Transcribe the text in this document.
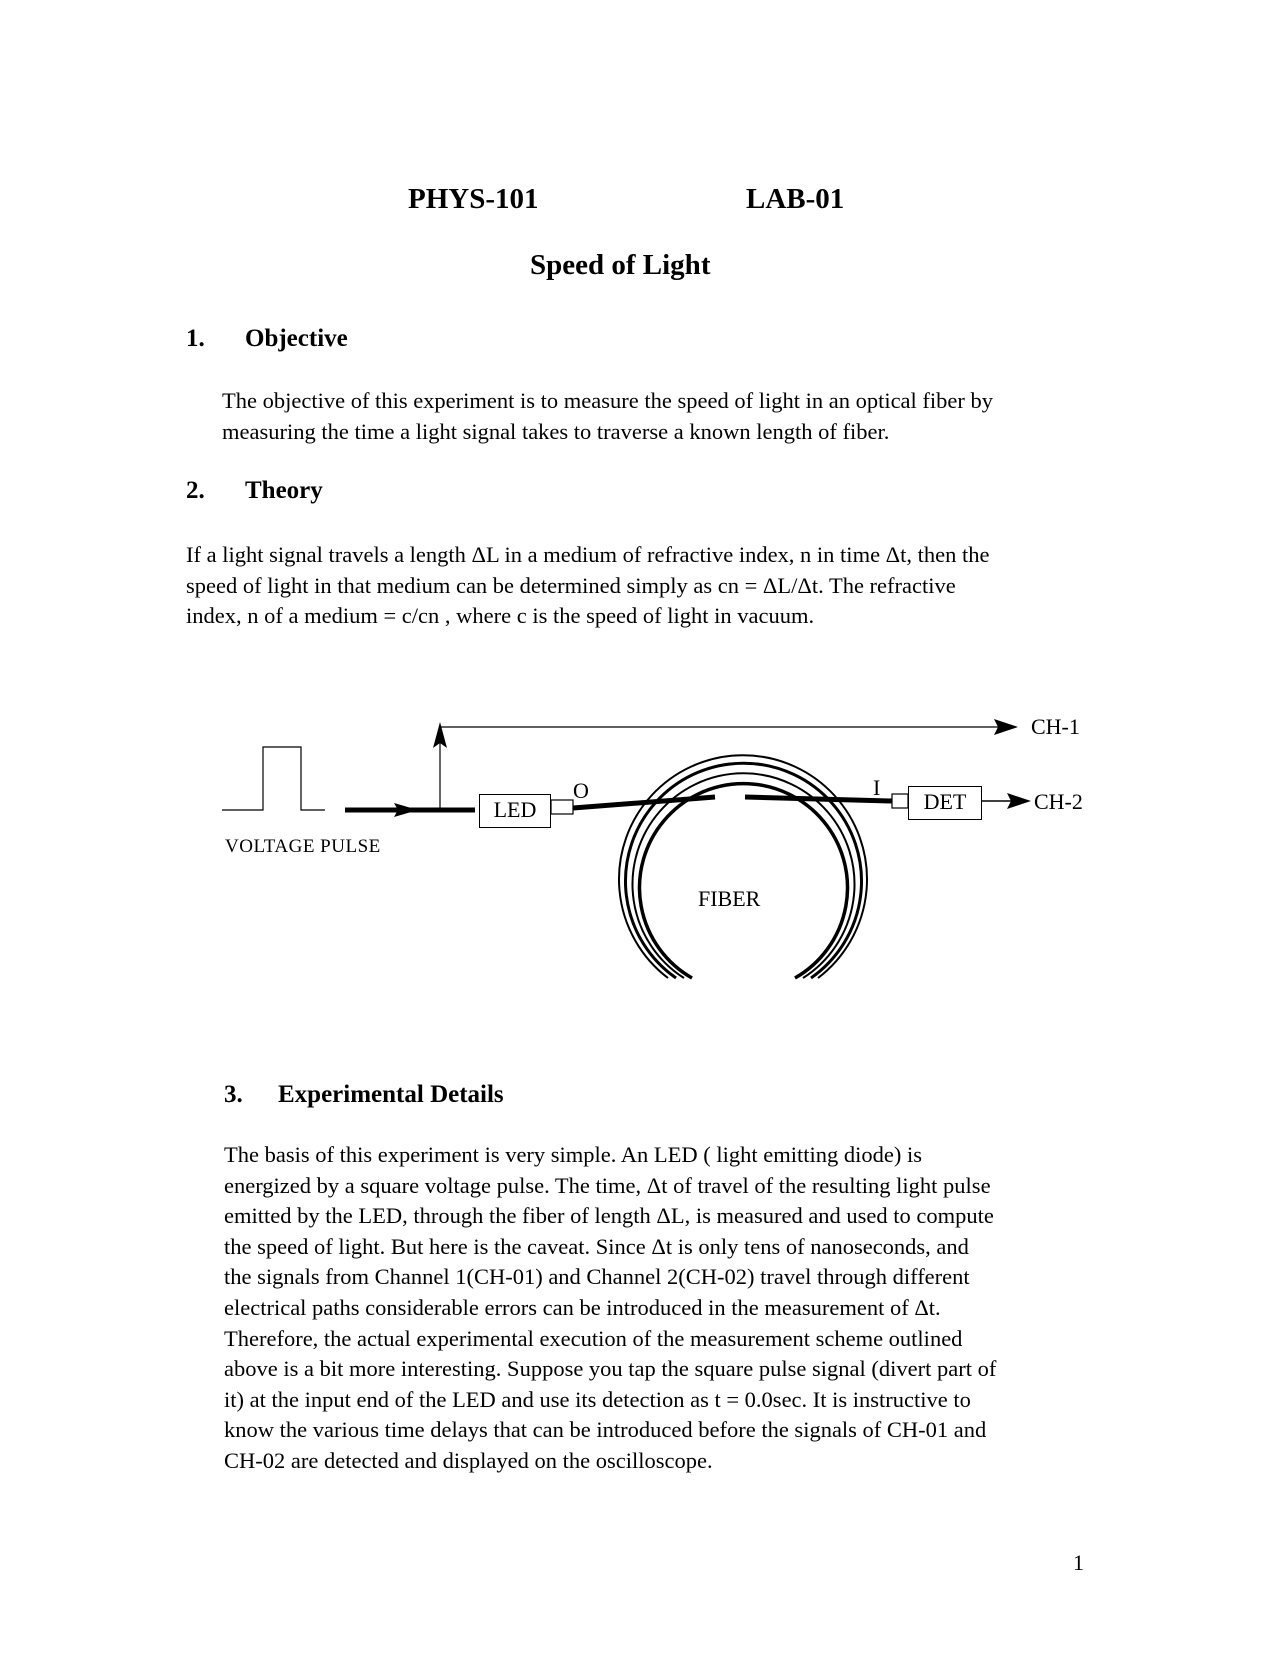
PHYS-101	LAB-01
Speed of Light
1. Objective
The objective of this experiment is to measure the speed of light in an optical fiber by
measuring the time a light signal takes to traverse a known length of fiber.
2. Theory
If a light signal travels a length ΔL in a medium of refractive index, n in time Δt, then the
speed of light in that medium can be determined simply as cn = ΔL/Δt. The refractive
index, n of a medium = c/cn , where c is the speed of light in vacuum.
LED	DET
CH-1
CH-2
O	I
FIBER
VOLTAGE PULSE
3. Experimental Details
The basis of this experiment is very simple. An LED ( light emitting diode) is
energized by a square voltage pulse. The time, Δt of travel of the resulting light pulse
emitted by the LED, through the fiber of length ΔL, is measured and used to compute
the speed of light. But here is the caveat. Since Δt is only tens of nanoseconds, and
the signals from Channel 1(CH-01) and Channel 2(CH-02) travel through different
electrical paths considerable errors can be introduced in the measurement of Δt.
Therefore, the actual experimental execution of the measurement scheme outlined
above is a bit more interesting. Suppose you tap the square pulse signal (divert part of
it) at the input end of the LED and use its detection as t = 0.0sec. It is instructive to
know the various time delays that can be introduced before the signals of CH-01 and
CH-02 are detected and displayed on the oscilloscope.
1
